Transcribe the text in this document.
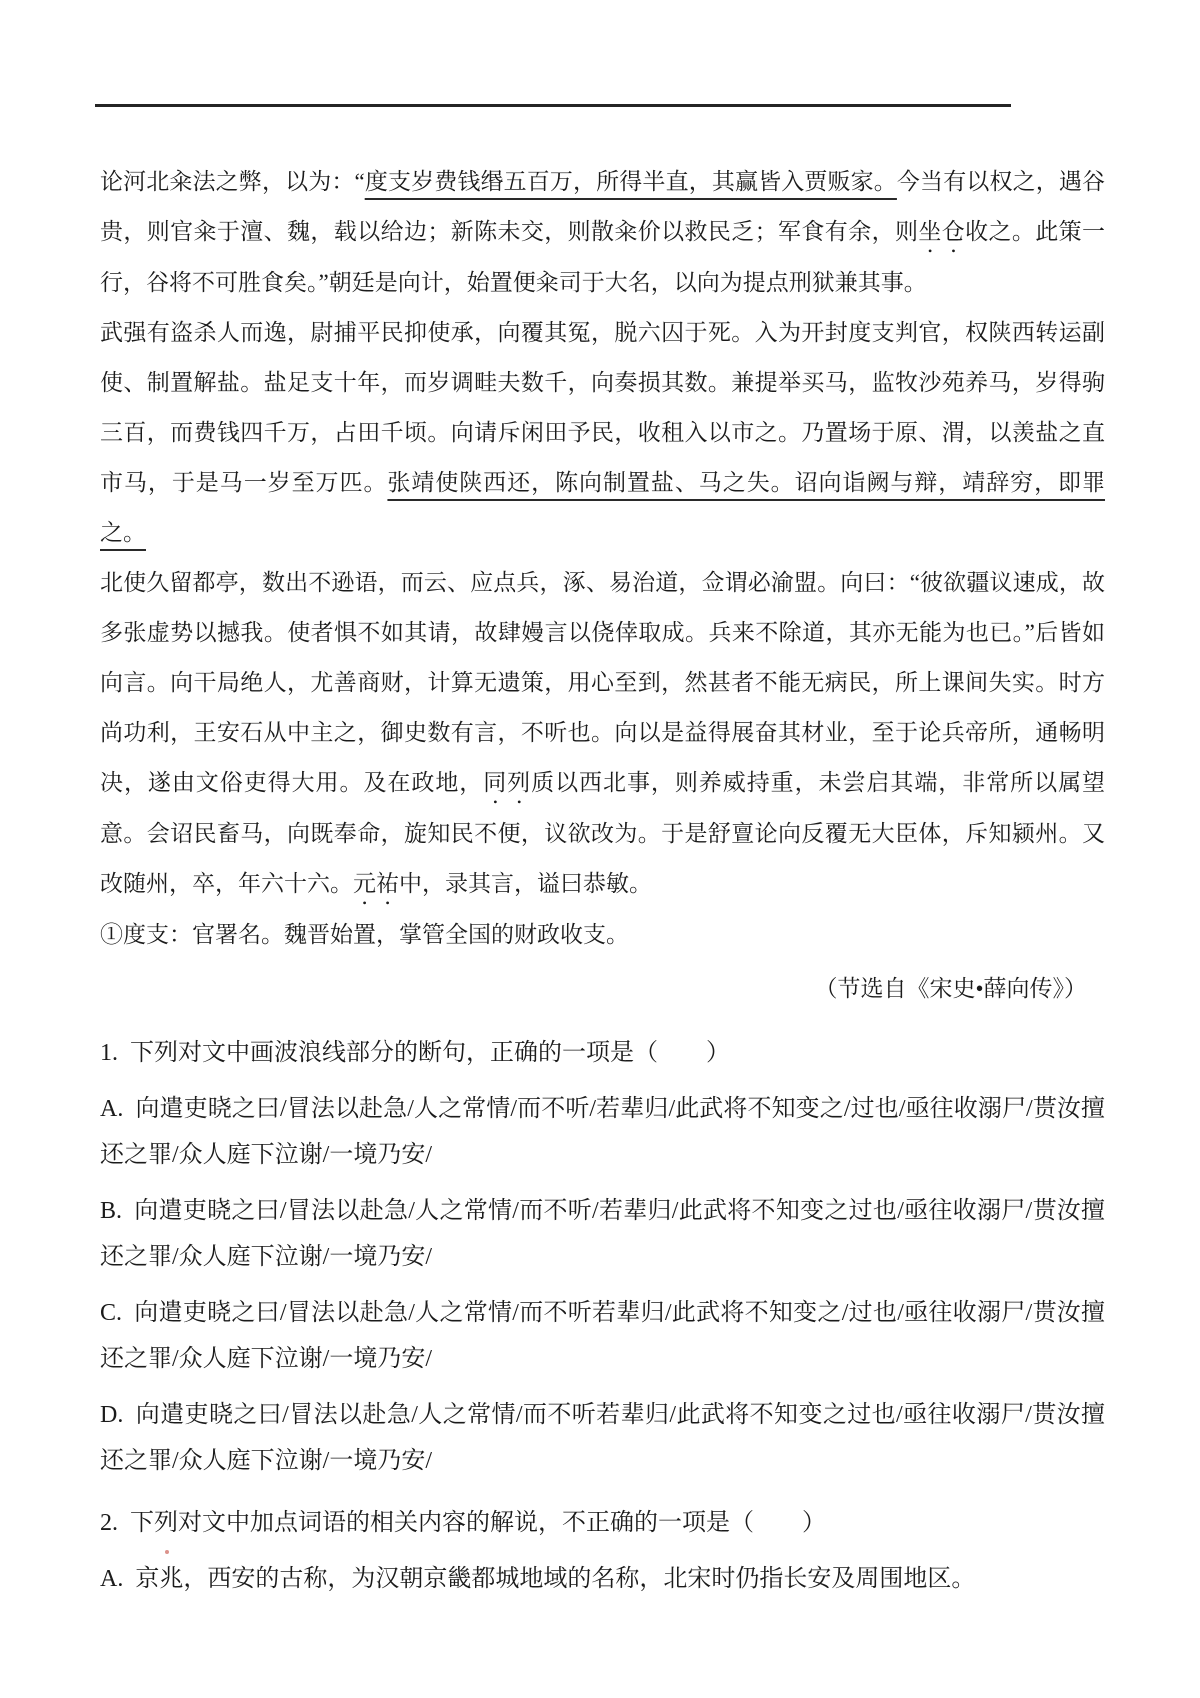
论河北籴法之弊，以为：“度支岁费钱缗五百万，所得半直，其赢皆入贾贩家。今当有以权之，遇谷贵，则官籴于澶、魏，载以给边；新陈未交，则散籴价以救民乏；军食有余，则坐仓收之。此策一行，谷将不可胜食矣。”朝廷是向计，始置便籴司于大名，以向为提点刑狱兼其事。

武强有盗杀人而逸，尉捕平民抑使承，向覆其冤，脱六囚于死。入为开封度支判官，权陕西转运副使、制置解盐。盐足支十年，而岁调畦夫数千，向奏损其数。兼提举买马，监牧沙苑养马，岁得驹三百，而费钱四千万，占田千顷。向请斥闲田予民，收租入以市之。乃置场于原、渭，以羡盐之直市马，于是马一岁至万匹。张靖使陕西还，陈向制置盐、马之失。诏向诣阙与辩，靖辞穷，即罪之。

北使久留都亭，数出不逊语，而云、应点兵，涿、易治道，佥谓必渝盟。向曰：“彼欲疆议速成，故多张虚势以撼我。使者惧不如其请，故肆嫚言以侥倖取成。兵来不除道，其亦无能为也已。”后皆如向言。向干局绝人，尤善商财，计算无遗策，用心至到，然甚者不能无病民，所上课间失实。时方尚功利，王安石从中主之，御史数有言，不听也。向以是益得展奋其材业，至于论兵帝所，通畅明决，遂由文俗吏得大用。及在政地，同列质以西北事，则养威持重，未尝启其端，非常所以属望意。会诏民畜马，向既奉命，旋知民不便，议欲改为。于是舒亶论向反覆无大臣体，斥知颍州。又改随州，卒，年六十六。元祐中，录其言，谥曰恭敏。

①度支：官署名。魏晋始置，掌管全国的财政收支。

（节选自《宋史•薛向传》）

1. 下列对文中画波浪线部分的断句，正确的一项是（　　）

A. 向遣吏晓之曰/冒法以赴急/人之常情/而不听/若辈归/此武将不知变之/过也/亟往收溺尸/贳汝擅还之罪/众人庭下泣谢/一境乃安/

B. 向遣吏晓之曰/冒法以赴急/人之常情/而不听/若辈归/此武将不知变之过也/亟往收溺尸/贳汝擅还之罪/众人庭下泣谢/一境乃安/

C. 向遣吏晓之曰/冒法以赴急/人之常情/而不听若辈归/此武将不知变之/过也/亟往收溺尸/贳汝擅还之罪/众人庭下泣谢/一境乃安/

D. 向遣吏晓之曰/冒法以赴急/人之常情/而不听若辈归/此武将不知变之过也/亟往收溺尸/贳汝擅还之罪/众人庭下泣谢/一境乃安/

2. 下列对文中加点词语的相关内容的解说，不正确的一项是（　　）

A. 京兆，西安的古称，为汉朝京畿都城地域的名称，北宋时仍指长安及周围地区。
